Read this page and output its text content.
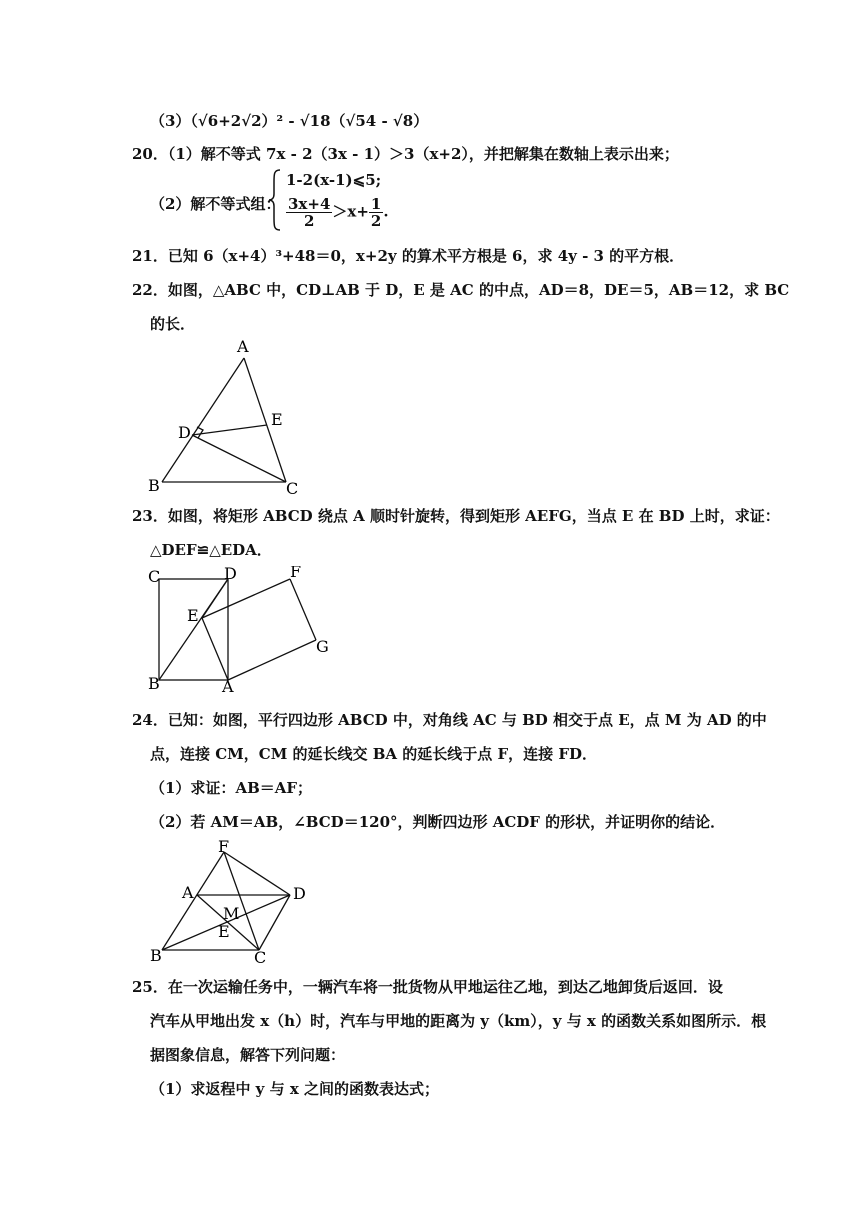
（3）（√6+2√2）² - √18（√54 - √8）
20．（1）解不等式 7x - 2（3x - 1）＞3（x+2），并把解集在数轴上表示出来；
（2）解不等式组：
1-2(x-1)⩽5;
$\frac{3x+4}{2} >x+ \frac{1}{2}$ .
21．已知 6（x+4）³+48＝0，x+2y 的算术平方根是 6，求 4y - 3 的平方根．
22．如图，△ABC 中，CD⊥AB 于 D，E 是 AC 的中点，AD＝8，DE＝5，AB＝12，求 BC
的长．
A
B	C
D
E
23．如图，将矩形 ABCD 绕点 A 顺时针旋转，得到矩形 AEFG，当点 E 在 BD 上时，求证：
△DEF≌△EDA．
C	D	F
E
G
B	A
24．已知：如图，平行四边形 ABCD 中，对角线 AC 与 BD 相交于点 E，点 M 为 AD 的中
点，连接 CM，CM 的延长线交 BA 的延长线于点 F，连接 FD．
（1）求证：AB＝AF；
（2）若 AM＝AB，∠BCD＝120°，判断四边形 ACDF 的形状，并证明你的结论．
F
A	D
M
E
B	C
25．在一次运输任务中，一辆汽车将一批货物从甲地运往乙地，到达乙地卸货后返回．设
汽车从甲地出发 x（h）时，汽车与甲地的距离为 y（km），y 与 x 的函数关系如图所示．根
据图象信息，解答下列问题：
（1）求返程中 y 与 x 之间的函数表达式；
